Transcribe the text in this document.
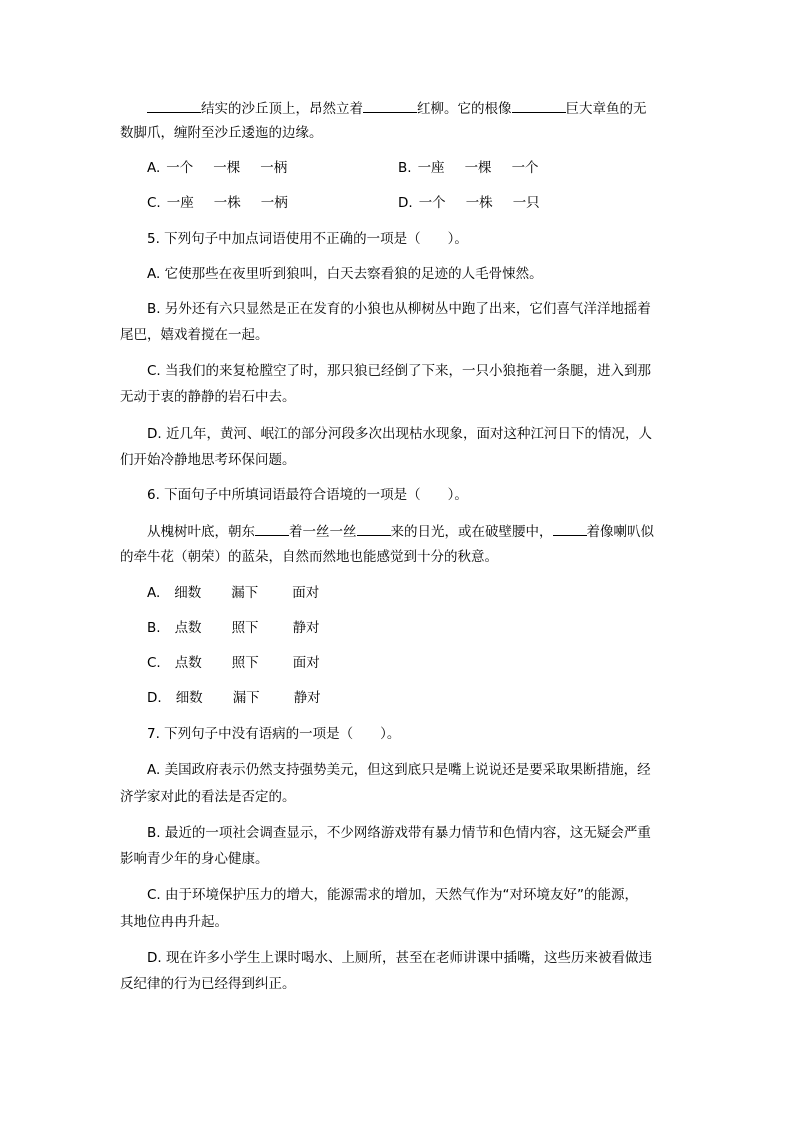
结实的沙丘顶上，昂然立着	红柳。它的根像	巨大章鱼的无
数脚爪，缠附至沙丘逶迤的边缘。
A. 一个 一棵 一柄	B. 一座 一棵 一个
C. 一座 一株 一柄	D. 一个 一株 一只
5. 下列句子中加点词语使用不正确的一项是（　　）。
A. 它使那些在夜里听到狼叫，白天去察看狼的足迹的人毛骨悚然。
B. 另外还有六只显然是正在发育的小狼也从柳树丛中跑了出来，它们喜气洋洋地摇着
尾巴，嬉戏着搅在一起。
C. 当我们的来复枪膛空了时，那只狼已经倒了下来，一只小狼拖着一条腿，进入到那
无动于衷的静静的岩石中去。
D. 近几年，黄河、岷江的部分河段多次出现枯水现象，面对这种江河日下的情况，人
们开始冷静地思考环保问题。
6. 下面句子中所填词语最符合语境的一项是（　　）。
从槐树叶底，朝东	着一丝一丝	来的日光，或在破壁腰中，	着像喇叭似
的牵牛花（朝荣）的蓝朵，自然而然地也能感觉到十分的秋意。
A. 细数 漏下	面对
B. 点数 照下	静对
C. 点数 照下	面对
D. 细数 漏下	静对
7. 下列句子中没有语病的一项是（　　）。
A. 美国政府表示仍然支持强势美元，但这到底只是嘴上说说还是要采取果断措施，经
济学家对此的看法是否定的。
B. 最近的一项社会调查显示，不少网络游戏带有暴力情节和色情内容，这无疑会严重
影响青少年的身心健康。
C. 由于环境保护压力的增大，能源需求的增加，天然气作为“对环境友好”的能源，
其地位冉冉升起。
D. 现在许多小学生上课时喝水、上厕所，甚至在老师讲课中插嘴，这些历来被看做违
反纪律的行为已经得到纠正。
